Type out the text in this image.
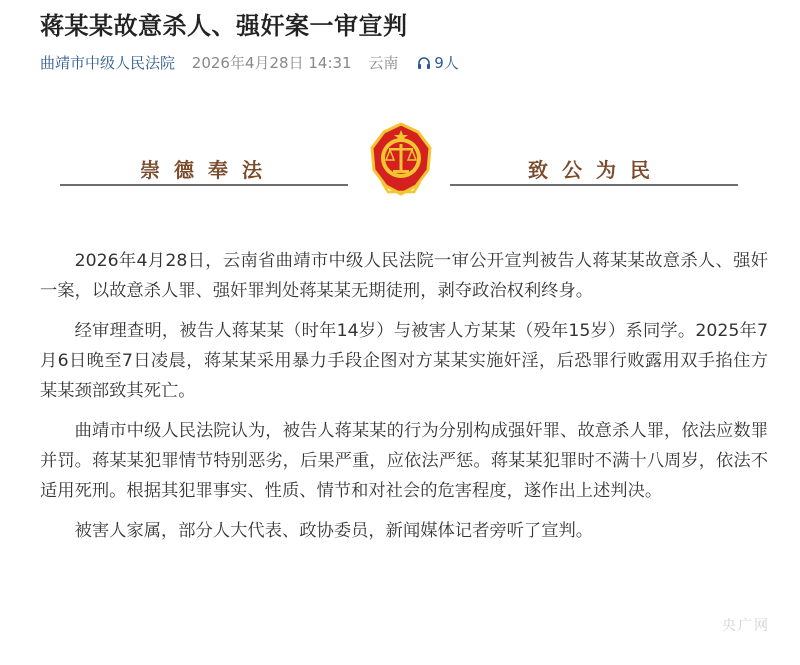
蒋某某故意杀人、强奸案一审宣判
曲靖市中级人民法院 2026年4月28日 14:31 云南 9人
崇德奉法	致公为民

2026年4月28日，云南省曲靖市中级人民法院一审公开宣判被告人蒋某某故意杀人、强奸一案，以故意杀人罪、强奸罪判处蒋某某无期徒刑，剥夺政治权利终身。

经审理查明，被告人蒋某某（时年14岁）与被害人方某某（殁年15岁）系同学。2025年7月6日晚至7日凌晨，蒋某某采用暴力手段企图对方某某实施奸淫，后恐罪行败露用双手掐住方某某颈部致其死亡。

曲靖市中级人民法院认为，被告人蒋某某的行为分别构成强奸罪、故意杀人罪，依法应数罪并罚。蒋某某犯罪情节特别恶劣，后果严重，应依法严惩。蒋某某犯罪时不满十八周岁，依法不适用死刑。根据其犯罪事实、性质、情节和对社会的危害程度，遂作出上述判决。

被害人家属，部分人大代表、政协委员，新闻媒体记者旁听了宣判。

央广网
